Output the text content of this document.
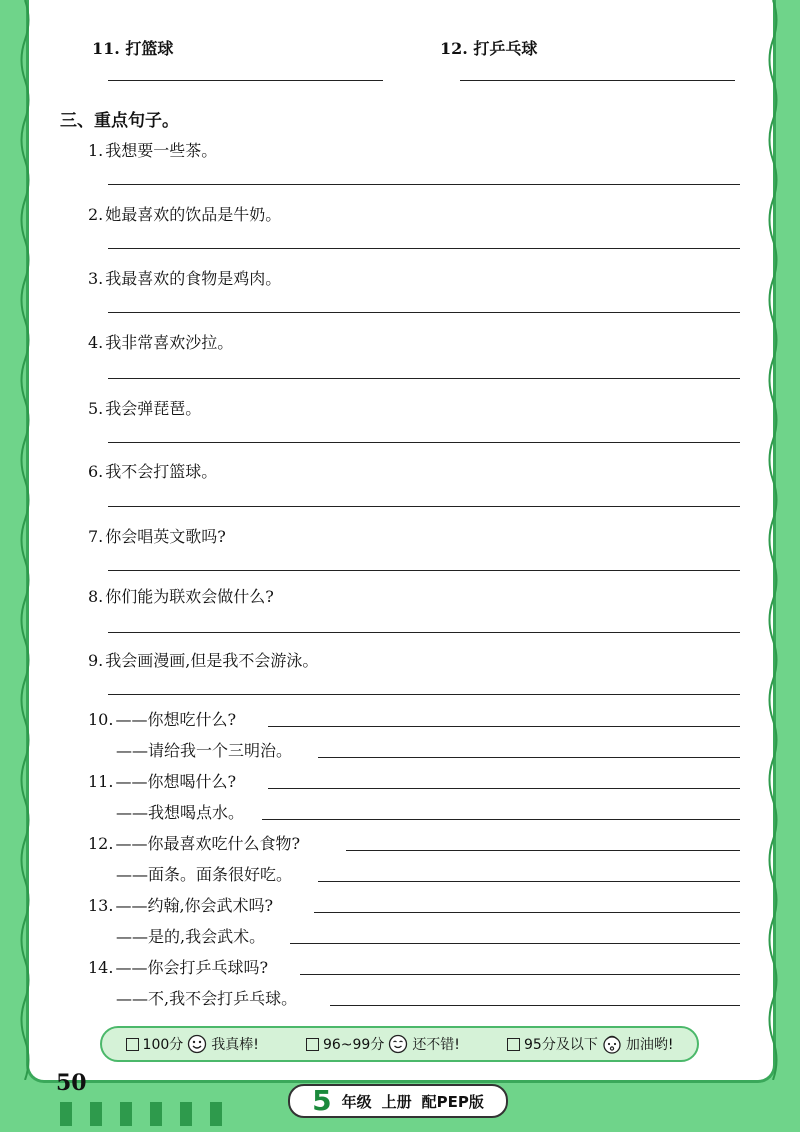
11. 打篮球	12. 打乒乓球
三、重点句子。
1. 我想要一些茶。
2. 她最喜欢的饮品是牛奶。
3. 我最喜欢的食物是鸡肉。
4. 我非常喜欢沙拉。
5. 我会弹琵琶。
6. 我不会打篮球。
7. 你会唱英文歌吗?
8. 你们能为联欢会做什么?
9. 我会画漫画,但是我不会游泳。
10. ——你想吃什么?
——请给我一个三明治。
11. ——你想喝什么?
——我想喝点水。
12. ——你最喜欢吃什么食物?
——面条。面条很好吃。
13. ——约翰,你会武术吗?
——是的,我会武术。
14. ——你会打乒乓球吗?
——不,我不会打乒乓球。
100分 我真棒!	96~99分 还不错!	95分及以下 加油哟!
50
5 年级 上册 配PEP版
